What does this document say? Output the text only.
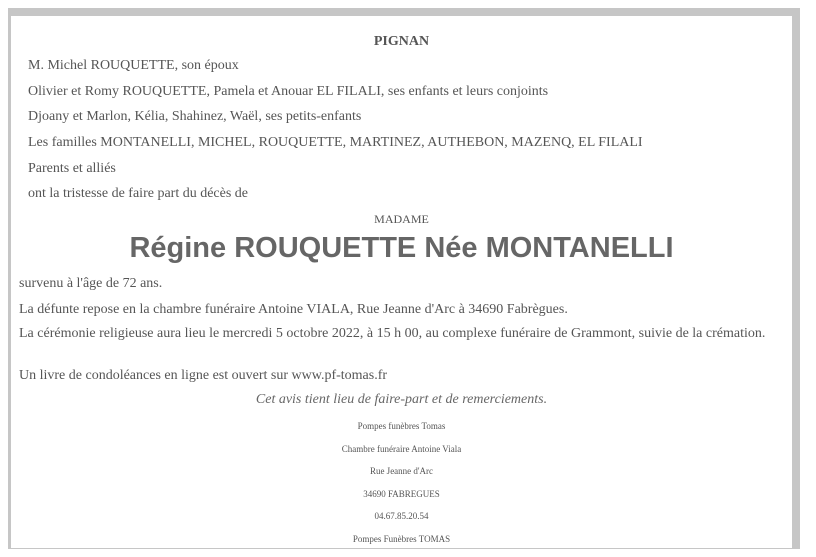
PIGNAN
M. Michel ROUQUETTE, son époux
Olivier et Romy ROUQUETTE, Pamela et Anouar EL FILALI, ses enfants et leurs conjoints
Djoany et Marlon, Kélia, Shahinez, Waël, ses petits-enfants
Les familles MONTANELLI, MICHEL, ROUQUETTE, MARTINEZ, AUTHEBON, MAZENQ, EL FILALI
Parents et alliés
ont la tristesse de faire part du décès de
MADAME
Régine ROUQUETTE Née MONTANELLI
survenu à l'âge de 72 ans.
La défunte repose en la chambre funéraire Antoine VIALA, Rue Jeanne d'Arc à 34690 Fabrègues.
La cérémonie religieuse aura lieu le mercredi 5 octobre 2022, à 15 h 00, au complexe funéraire de Grammont, suivie de la crémation.
Un livre de condoléances en ligne est ouvert sur www.pf-tomas.fr
Cet avis tient lieu de faire-part et de remerciements.
Pompes funèbres Tomas
Chambre funéraire Antoine Viala
Rue Jeanne d'Arc
34690 FABREGUES
04.67.85.20.54
Pompes Funèbres TOMAS
